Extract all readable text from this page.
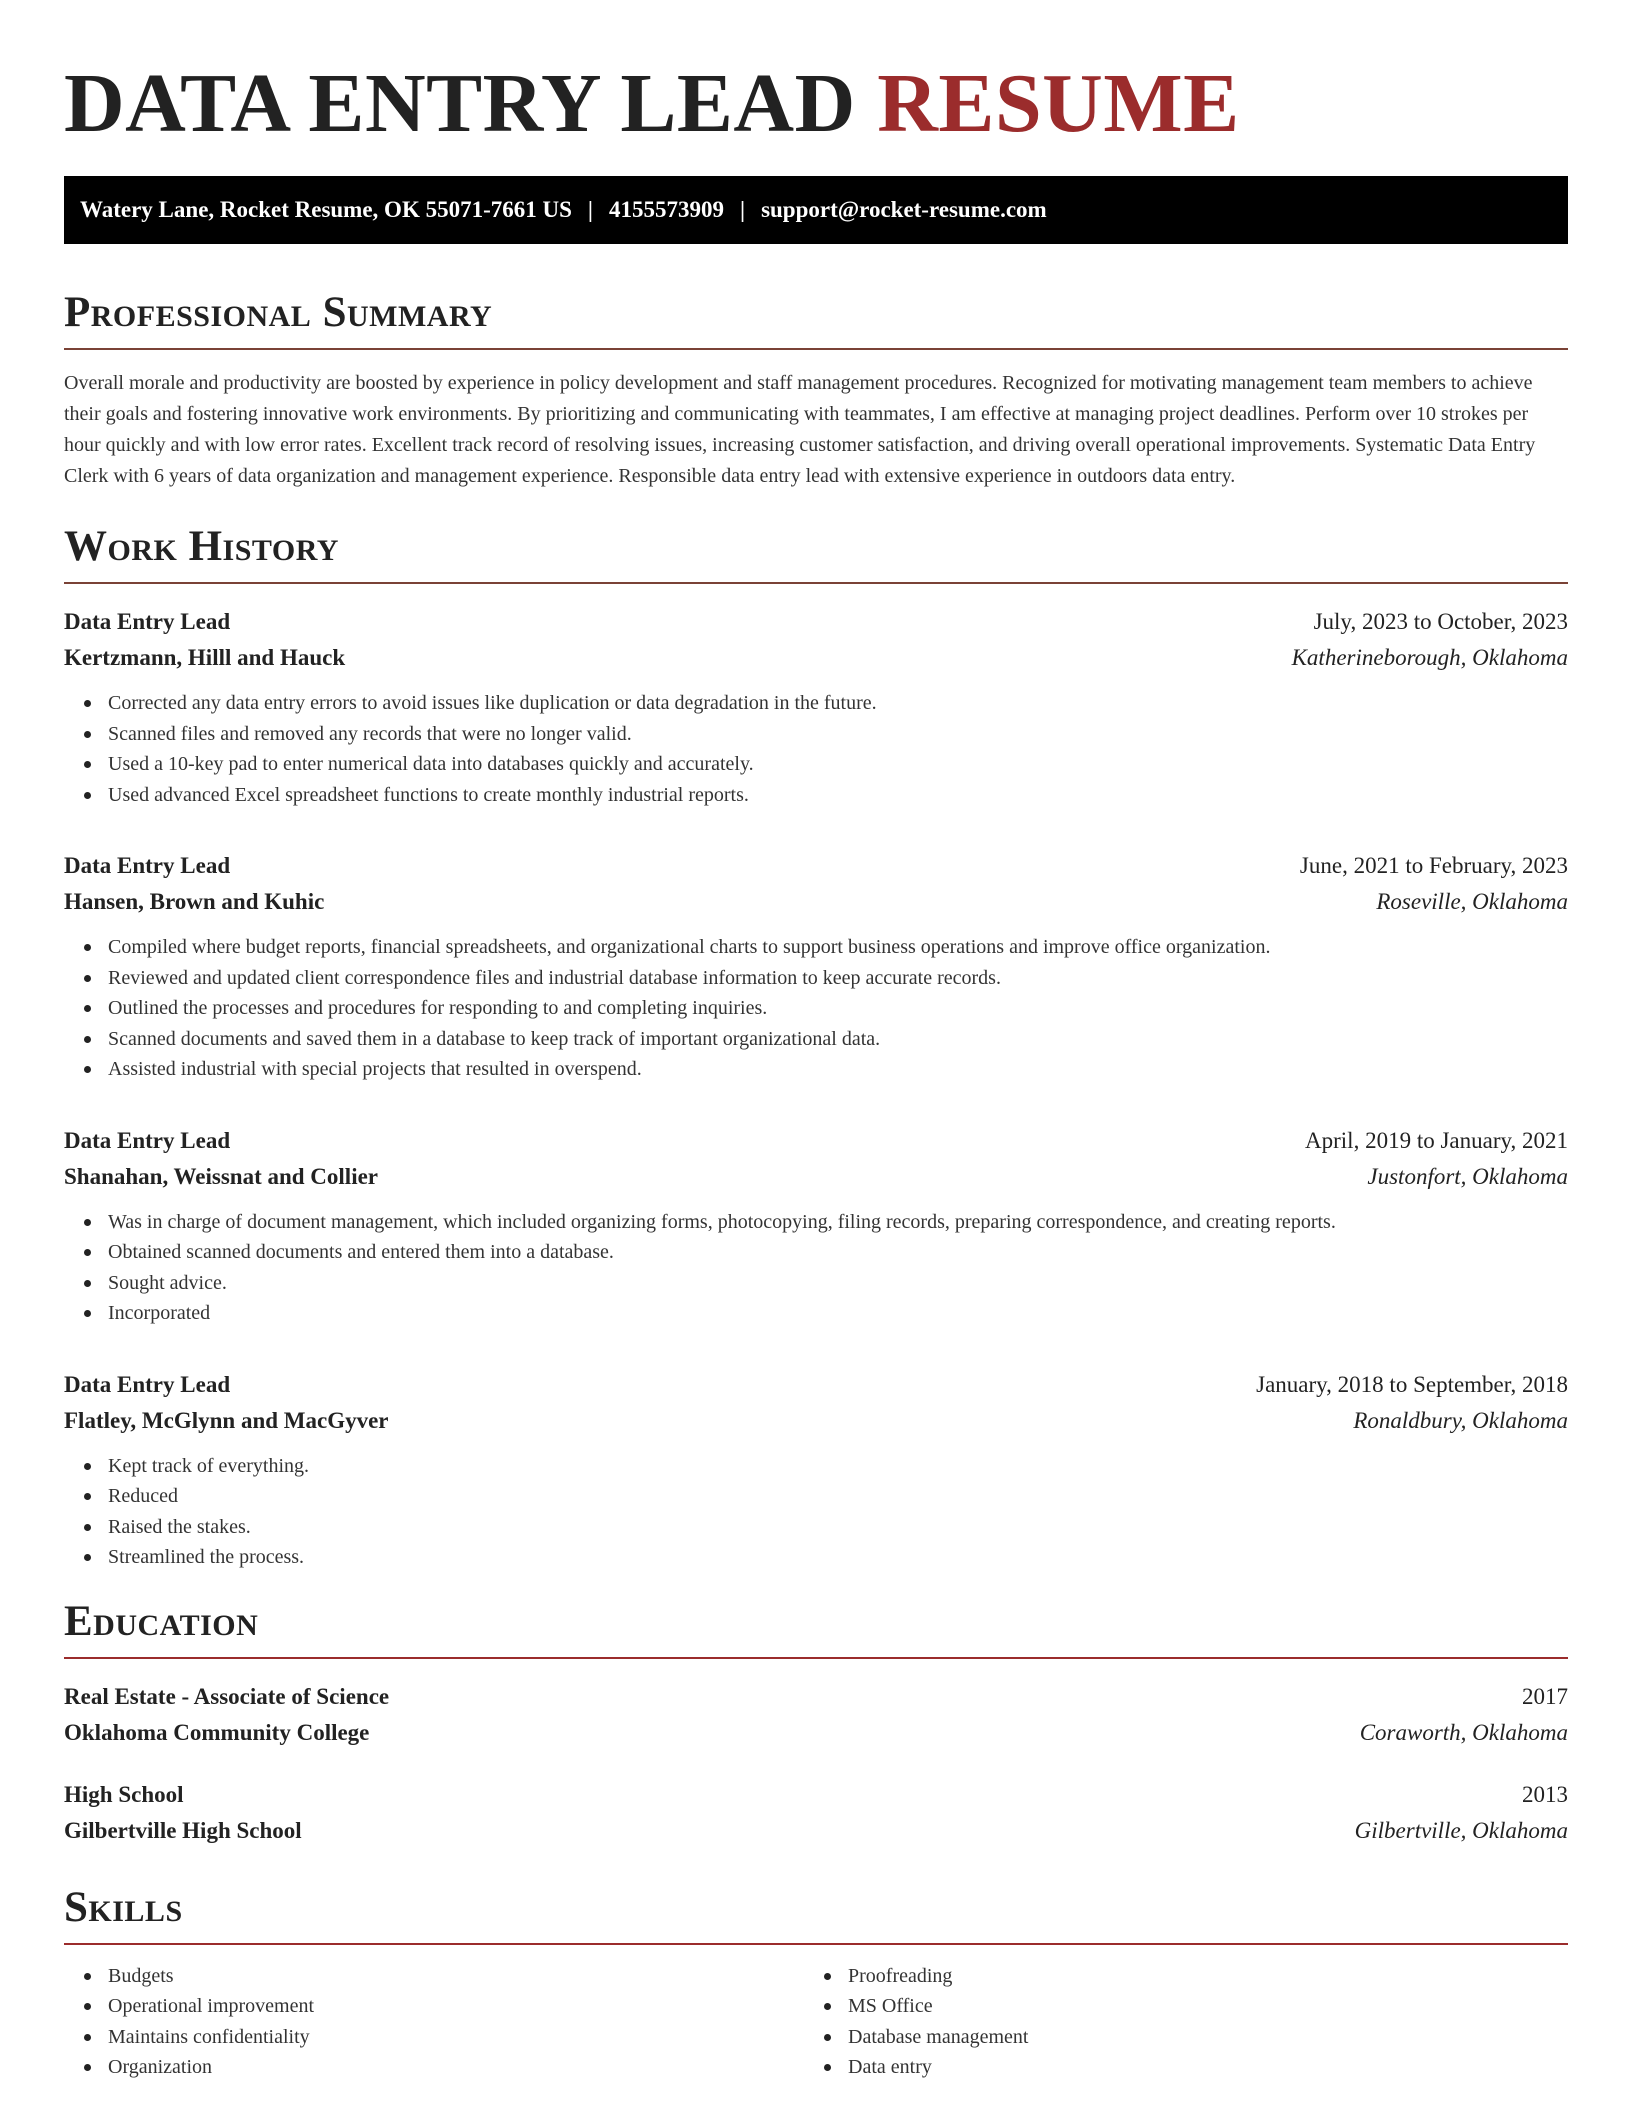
DATA ENTRY LEAD RESUME
Watery Lane, Rocket Resume, OK 55071-7661 US | 4155573909 | support@rocket-resume.com
Professional Summary

Overall morale and productivity are boosted by experience in policy development and staff management procedures. Recognized for motivating management team members to achieve their goals and fostering innovative work environments. By prioritizing and communicating with teammates, I am effective at managing project deadlines. Perform over 10 strokes per hour quickly and with low error rates. Excellent track record of resolving issues, increasing customer satisfaction, and driving overall operational improvements. Systematic Data Entry Clerk with 6 years of data organization and management experience. Responsible data entry lead with extensive experience in outdoors data entry.

Work History
Data Entry Lead	July, 2023 to October, 2023
Kertzmann, Hilll and Hauck	Katherineborough, Oklahoma
Corrected any data entry errors to avoid issues like duplication or data degradation in the future.
Scanned files and removed any records that were no longer valid.
Used a 10-key pad to enter numerical data into databases quickly and accurately.
Used advanced Excel spreadsheet functions to create monthly industrial reports.
Data Entry Lead	June, 2021 to February, 2023
Hansen, Brown and Kuhic	Roseville, Oklahoma
Compiled where budget reports, financial spreadsheets, and organizational charts to support business operations and improve office organization.
Reviewed and updated client correspondence files and industrial database information to keep accurate records.
Outlined the processes and procedures for responding to and completing inquiries.
Scanned documents and saved them in a database to keep track of important organizational data.
Assisted industrial with special projects that resulted in overspend.
Data Entry Lead	April, 2019 to January, 2021
Shanahan, Weissnat and Collier	Justonfort, Oklahoma
Was in charge of document management, which included organizing forms, photocopying, filing records, preparing correspondence, and creating reports.
Obtained scanned documents and entered them into a database.
Sought advice.
Incorporated
Data Entry Lead	January, 2018 to September, 2018
Flatley, McGlynn and MacGyver	Ronaldbury, Oklahoma
Kept track of everything.
Reduced
Raised the stakes.
Streamlined the process.
Education
Real Estate - Associate of Science	2017
Oklahoma Community College	Coraworth, Oklahoma
High School	2013
Gilbertville High School	Gilbertville, Oklahoma
Skills
Budgets
Operational improvement
Maintains confidentiality
Organization
Proofreading
MS Office
Database management
Data entry
